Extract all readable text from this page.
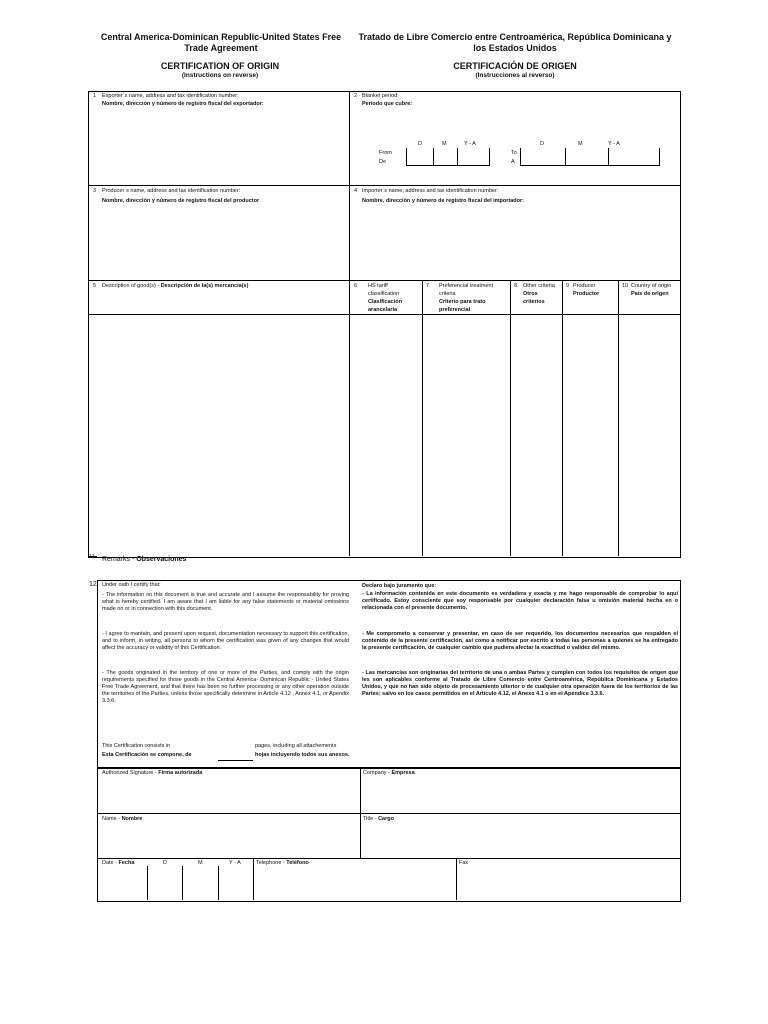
Central America-Dominican Republic-United States Free Trade Agreement
Tratado de Libre Comercio entre Centroamérica, República Dominicana y los Estados Unidos
CERTIFICATION OF ORIGIN	CERTIFICACIÓN DE ORIGEN
(Instructions on reverse)	(Instrucciones al reverso)
1 Exporter´s name, address and tax identification number:
Nombre, dirección y número de registro fiscal del exportador:
2 Blanket period:
Período que cubre:
D	M	Y - A	D	M	Y - A
From
De
To
A
3 Producer´s name, address and tax identification number:
Nombre, dirección y número de registro fiscal del productor
4 Importer´s name, address and tax identification number:
Nombre, dirección y número de registro fiscal del importador:
5 Description of good(s) - Descripción de la(s) mercancía(s)	6 HS tariff
classification
Clasificación
arancelaria
7 Preferencial treatment
criteria
Criterio para trato
preferencial
8 Other criteria
Otros
criterios
9 Producer
Productor
10 Country of origin
País de origen
11 Remarks - Observaciones
12 Under oath I certify that:
- The information on this document is true and accurate and I assume the responsability for proving what is hereby certified. I am aware that I am liable for any false statements or material omissions made on or in connection with this document.
- I agree to mantain, and present upon request, documentation necessary to support this certification, and to inform, in writing, all persons to whom the certification was given of any changes that would affect the accuracy or validity of this Certification.
- The goods originated in the territory of one or more of the Parties, and comply with the origin requirements specified for those goods in the Central America- Dominican Republic - United States Free Trade Agreement, and that there has been no further processing or any other operation outside the territories of the Parties, unless those specifically determine in Article 4.12 , Annex 4.1, or Apendix 3.3.6.
Declaro bajo juramento que:
- La información contenida en este documento es verdadera y exacta y me hago responsable de comprobar lo aquí certificado. Estoy consciente que soy responsable por cualquier declaración falsa u omisión material hecha en o relacionada con el presente documento.
- Me comprometo a conservar y presentar, en caso de ser requerido, los documentos necesarios que respalden el contenido de la presente certificación, así como a notificar por escrito a todas las personas a quienes se ha entregado la presente certificación, de cualquier cambio que pudiera afectar la exactitud o validez del mismo.
- Las mercancías son originarias del territorio de una o ambas Partes y cumplen con todos los requisitos de origen que les son aplicables conforme al Tratado de Libre Comercio entre Centroamérica, República Dominicana y Estados Unidos, y que no han sido objeto de procesamiento ulterior o de cualquier otra operación fuera de los territorios de las Partes; salvo en los casos permitidos en el Artículo 4.12, el Anexo 4.1 o en el Apéndice 3.3.6.
This Certification consists in
Esta Certificación se compone, de
pages, including all attachements
hojas incluyendo todos sus anexos.
Authorized Signature - Firma autorizada	Company - Empresa
Name - Nombre	Title - Cargo
Date - Fecha	D	M	Y - A	Telephone - Teléfono	Fax
